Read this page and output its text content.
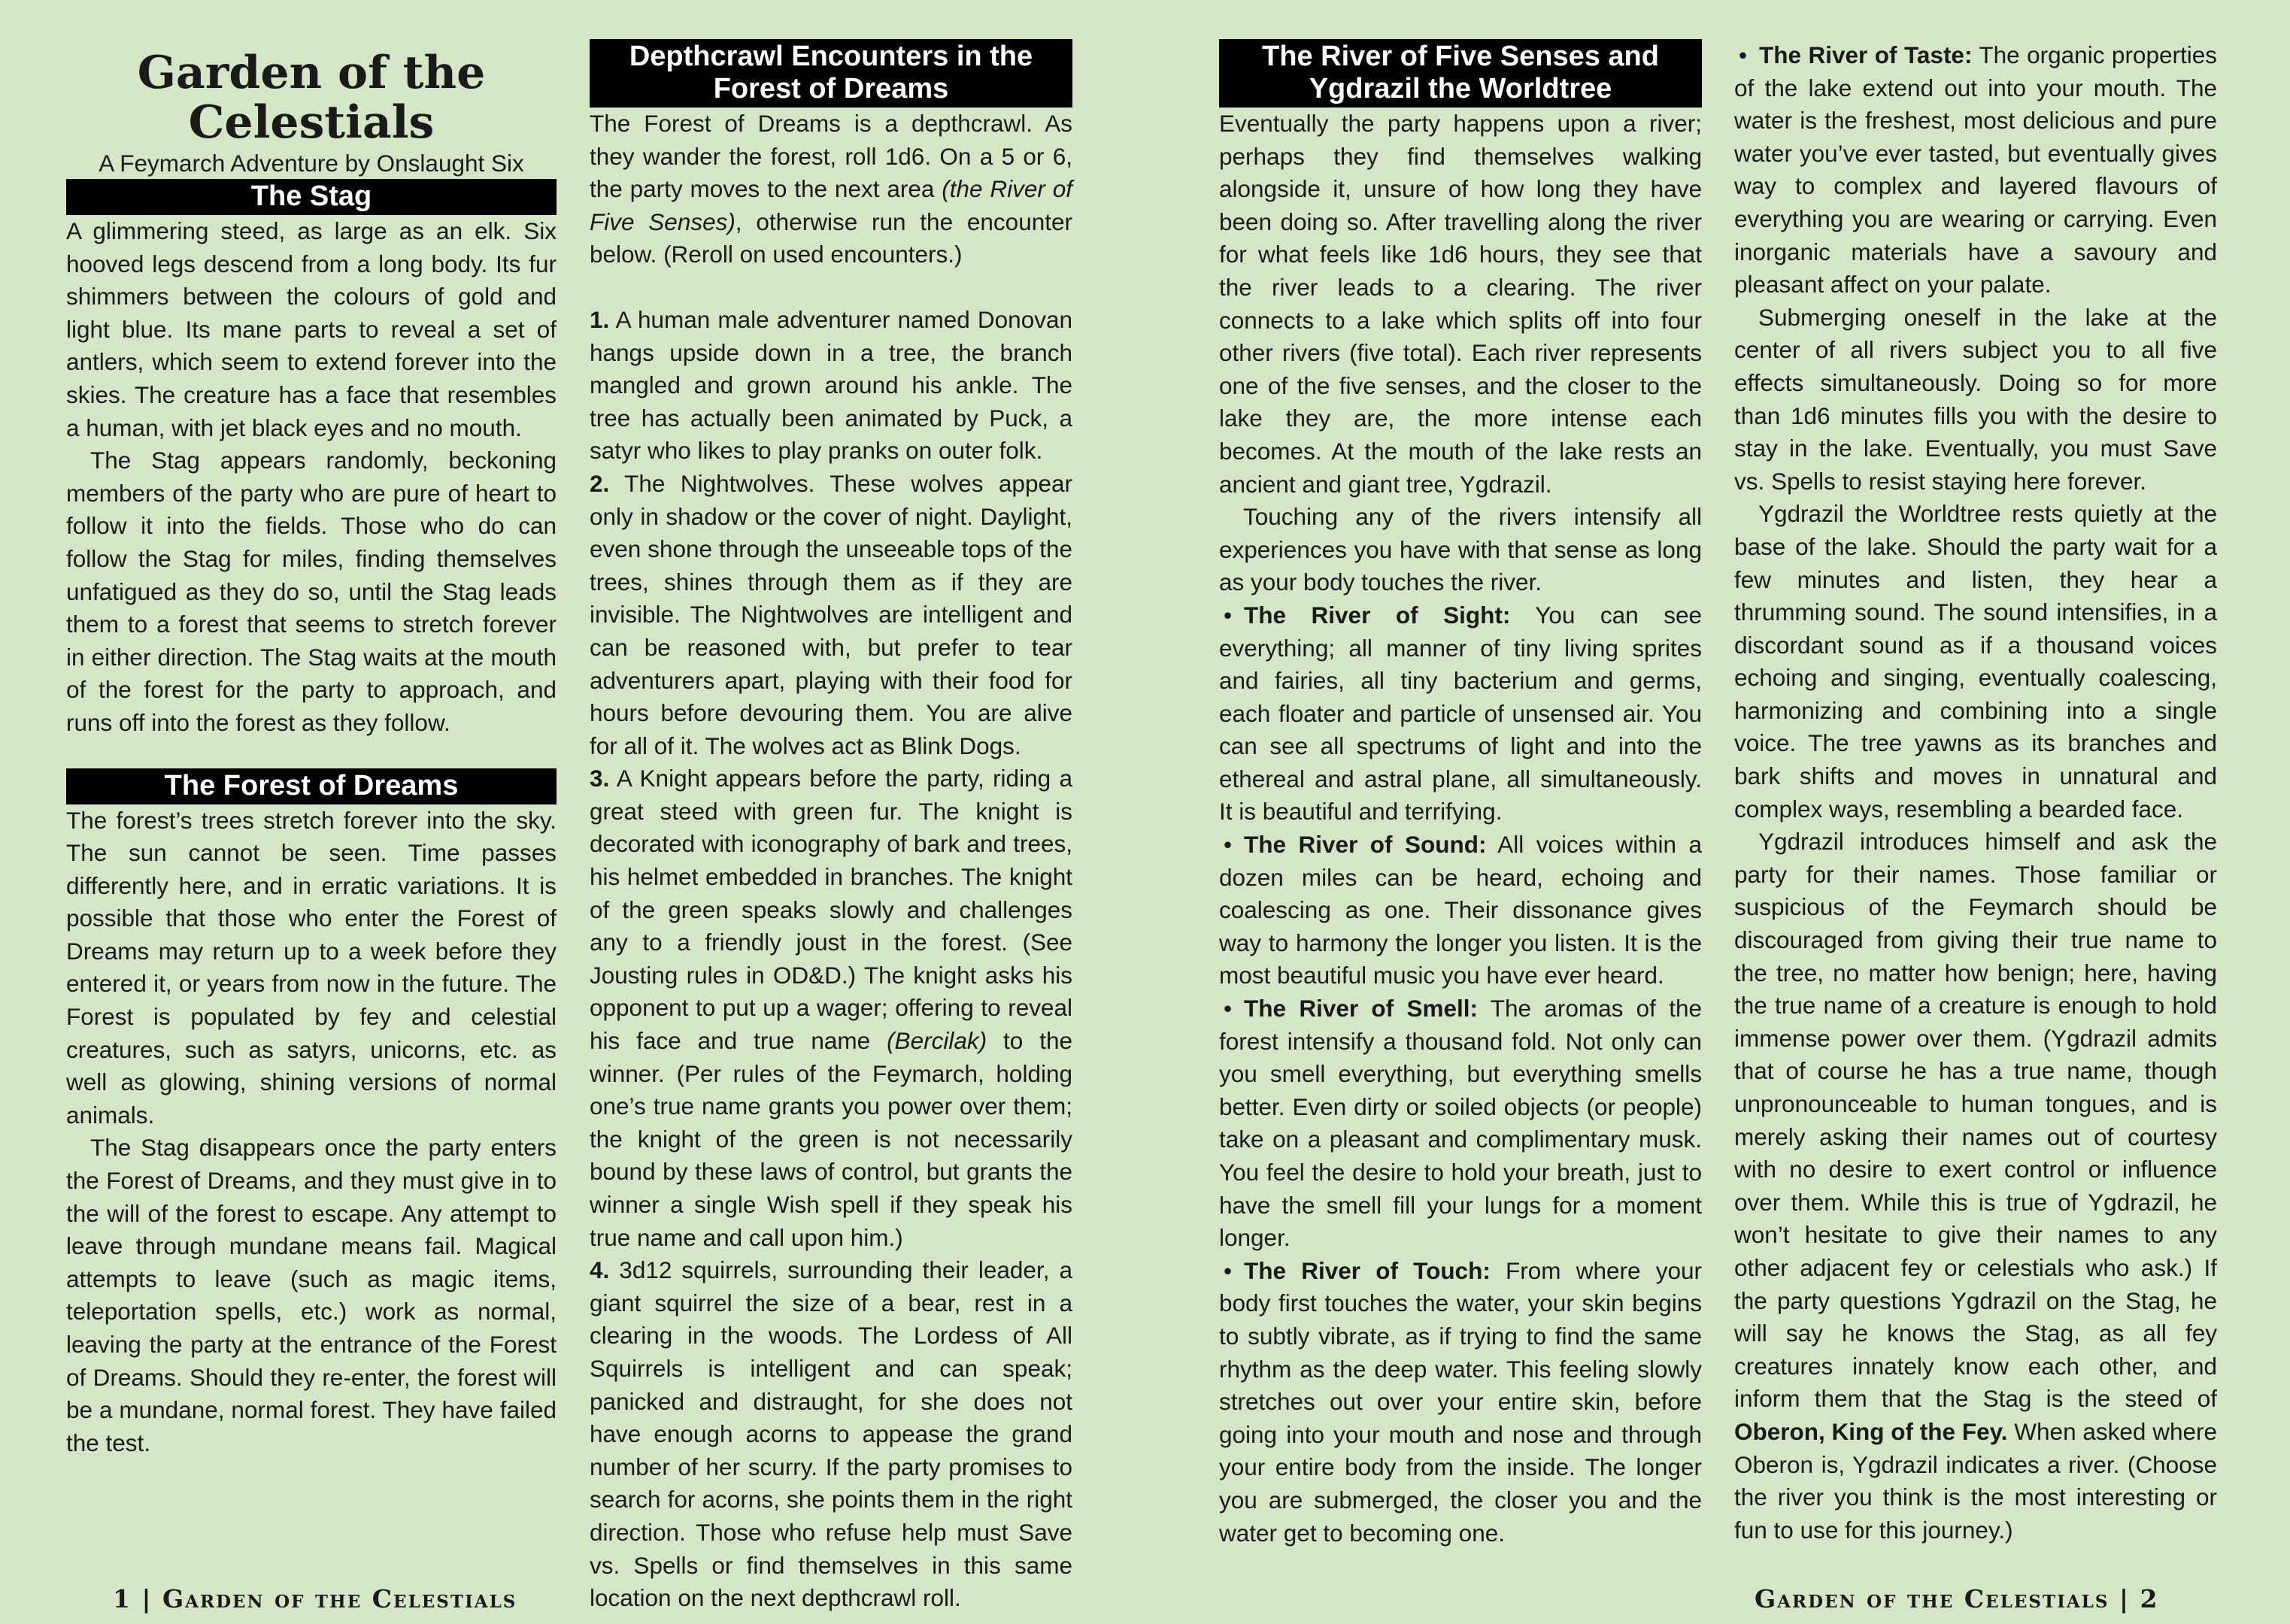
Garden of the Celestials

A Feymarch Adventure by Onslaught Six

The Stag

A glimmering steed, as large as an elk. Six hooved legs descend from a long body. Its fur shimmers between the colours of gold and light blue. Its mane parts to reveal a set of antlers, which seem to extend forever into the skies. The creature has a face that resembles a human, with jet black eyes and no mouth.

The Stag appears randomly, beckoning members of the party who are pure of heart to follow it into the fields. Those who do can follow the Stag for miles, finding themselves unfatigued as they do so, until the Stag leads them to a forest that seems to stretch forever in either direction. The Stag waits at the mouth of the forest for the party to approach, and runs off into the forest as they follow.

The Forest of Dreams

The forest’s trees stretch forever into the sky. The sun cannot be seen. Time passes differently here, and in erratic variations. It is possible that those who enter the Forest of Dreams may return up to a week before they entered it, or years from now in the future. The Forest is populated by fey and celestial creatures, such as satyrs, unicorns, etc. as well as glowing, shining versions of normal animals.

The Stag disappears once the party enters the Forest of Dreams, and they must give in to the will of the forest to escape. Any attempt to leave through mundane means fail. Magical attempts to leave (such as magic items, teleportation spells, etc.) work as normal, leaving the party at the entrance of the Forest of Dreams. Should they re-enter, the forest will be a mundane, normal forest. They have failed the test.

Depthcrawl Encounters in the Forest of Dreams

The Forest of Dreams is a depthcrawl. As they wander the forest, roll 1d6. On a 5 or 6, the party moves to the next area (the River of Five Senses), otherwise run the encounter below. (Reroll on used encounters.)

1. A human male adventurer named Donovan hangs upside down in a tree, the branch mangled and grown around his ankle. The tree has actually been animated by Puck, a satyr who likes to play pranks on outer folk.

2. The Nightwolves. These wolves appear only in shadow or the cover of night. Daylight, even shone through the unseeable tops of the trees, shines through them as if they are invisible. The Nightwolves are intelligent and can be reasoned with, but prefer to tear adventurers apart, playing with their food for hours before devouring them. You are alive for all of it. The wolves act as Blink Dogs.

3. A Knight appears before the party, riding a great steed with green fur. The knight is decorated with iconography of bark and trees, his helmet embedded in branches. The knight of the green speaks slowly and challenges any to a friendly joust in the forest. (See Jousting rules in OD&D.) The knight asks his opponent to put up a wager; offering to reveal his face and true name (Bercilak) to the winner. (Per rules of the Feymarch, holding one’s true name grants you power over them; the knight of the green is not necessarily bound by these laws of control, but grants the winner a single Wish spell if they speak his true name and call upon him.)

4. 3d12 squirrels, surrounding their leader, a giant squirrel the size of a bear, rest in a clearing in the woods. The Lordess of All Squirrels is intelligent and can speak; panicked and distraught, for she does not have enough acorns to appease the grand number of her scurry. If the party promises to search for acorns, she points them in the right direction. Those who refuse help must Save vs. Spells or find themselves in this same location on the next depthcrawl roll.

The River of Five Senses and Ygdrazil the Worldtree

Eventually the party happens upon a river; perhaps they find themselves walking alongside it, unsure of how long they have been doing so. After travelling along the river for what feels like 1d6 hours, they see that the river leads to a clearing. The river connects to a lake which splits off into four other rivers (five total). Each river represents one of the five senses, and the closer to the lake they are, the more intense each becomes. At the mouth of the lake rests an ancient and giant tree, Ygdrazil.

Touching any of the rivers intensify all experiences you have with that sense as long as your body touches the river.

• The River of Sight: You can see everything; all manner of tiny living sprites and fairies, all tiny bacterium and germs, each floater and particle of unsensed air. You can see all spectrums of light and into the ethereal and astral plane, all simultaneously. It is beautiful and terrifying.

• The River of Sound: All voices within a dozen miles can be heard, echoing and coalescing as one. Their dissonance gives way to harmony the longer you listen. It is the most beautiful music you have ever heard.

• The River of Smell: The aromas of the forest intensify a thousand fold. Not only can you smell everything, but everything smells better. Even dirty or soiled objects (or people) take on a pleasant and complimentary musk. You feel the desire to hold your breath, just to have the smell fill your lungs for a moment longer.

• The River of Touch: From where your body first touches the water, your skin begins to subtly vibrate, as if trying to find the same rhythm as the deep water. This feeling slowly stretches out over your entire skin, before going into your mouth and nose and through your entire body from the inside. The longer you are submerged, the closer you and the water get to becoming one.

• The River of Taste: The organic properties of the lake extend out into your mouth. The water is the freshest, most delicious and pure water you’ve ever tasted, but eventually gives way to complex and layered flavours of everything you are wearing or carrying. Even inorganic materials have a savoury and pleasant affect on your palate.

Submerging oneself in the lake at the center of all rivers subject you to all five effects simultaneously. Doing so for more than 1d6 minutes fills you with the desire to stay in the lake. Eventually, you must Save vs. Spells to resist staying here forever.

Ygdrazil the Worldtree rests quietly at the base of the lake. Should the party wait for a few minutes and listen, they hear a thrumming sound. The sound intensifies, in a discordant sound as if a thousand voices echoing and singing, eventually coalescing, harmonizing and combining into a single voice. The tree yawns as its branches and bark shifts and moves in unnatural and complex ways, resembling a bearded face.

Ygdrazil introduces himself and ask the party for their names. Those familiar or suspicious of the Feymarch should be discouraged from giving their true name to the tree, no matter how benign; here, having the true name of a creature is enough to hold immense power over them. (Ygdrazil admits that of course he has a true name, though unpronounceable to human tongues, and is merely asking their names out of courtesy with no desire to exert control or influence over them. While this is true of Ygdrazil, he won’t hesitate to give their names to any other adjacent fey or celestials who ask.) If the party questions Ygdrazil on the Stag, he will say he knows the Stag, as all fey creatures innately know each other, and inform them that the Stag is the steed of Oberon, King of the Fey. When asked where Oberon is, Ygdrazil indicates a river. (Choose the river you think is the most interesting or fun to use for this journey.)

1 | Garden of the Celestials	Garden of the Celestials | 2
